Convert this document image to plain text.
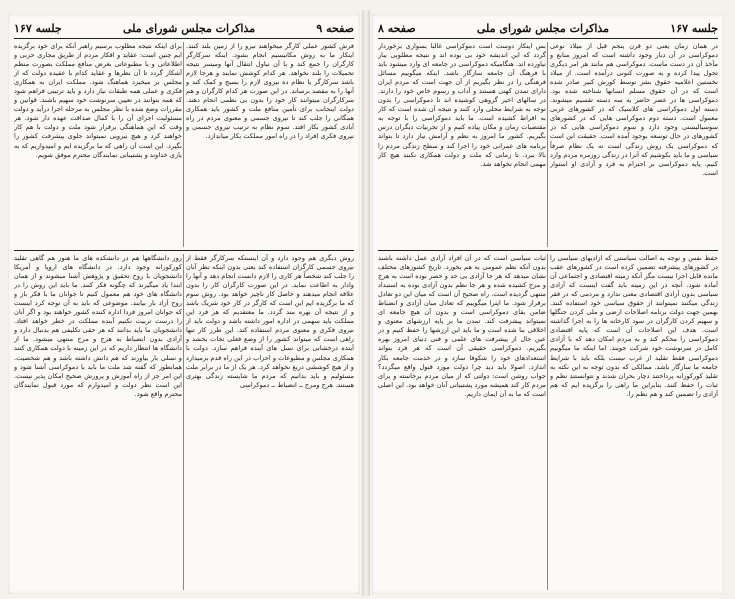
صفحه ۹
مذاکرات مجلس شورای ملی
جلسه ۱۶۷

فرش کشور عملی کارگر میخواهند نیرو را از زمین بلند کنند. اینکار ما به روش مکانیسیم انجام بشود. اینکه سرکارگر کارگران را جمع کند و با آن نیاول انتقال آنها ومیسر نتیجه تحمیلات را بلند نخواهد. هر کدام کوشش نمایند و هرجا لازم باشد سرکارگر یا نظام ده نیروی لازم را بسیج و کمک کند و آنها را به مقصد برساند. در این صورت هر کدام کارگران و هم سرکارگران میتوانند کار خود را بدون بی نظمی انجام دهند. دولت اینجانب برای تأمین منافع ملت و کشور باید همکاری همگانی را جلب کند تا نیروی جسمی و معنوی مردم در راه آبادی کشور بکار افتد. سوم نظام به ترتیب نیروی جسمی و نیروی فکری افراد را در راه امور مملکت بکار میاندازد.

برای اینکه نتیجه مطلوب برسیم راهبر آنکه برای خود برگزیده ایم چنین است: عقاید و افکار مردم از طریق مجاری حزبی و اطلاعاتی و با مطبوعاتی بغرض منافع مملکت بصورت منظم آشکار گردد تا آن نظرها و عقاید کدام با عقیده دولت که از مجلس بر میخیزد هماهنگ شود. مملکت ایران به همکاری فکری و عملی همه طبقات نیاز دارد و باید ترتیبی فراهم شود که همه بتوانند در تعیین سرنوشت خود سهیم باشند. قوانین و مقررات وضع شده با نظر مجلس به مرحله اجرا درآید و دولت مسئولیت اجرای آن را با کمال صداقت عهده دار شود. هر وقت که این هماهنگی برقرار شود ملت و دولت با هم کار خواهند کرد و هیچ نیرویی نمیتواند جلوی پیشرفت کشور را بگیرد. این است آن راهی که ما برگزیده ایم و امیدواریم که به یاری خداوند و پشتیبانی نمایندگان محترم موفق شویم.

روش دیگری هم وجود دارد و آن اینستکه سرکارگر فقط از نیروی جسمی کارگران استفاده کند یعنی بدون اینکه نظر آنان را جلب کند شخصاً هر کاری را لازم دانست انجام دهد و آنها را وادار به اطاعت نماید. در این صورت کارگران کار را بدون علاقه انجام میدهند و حاصل کار ناچیز خواهد بود. روش سوم که ما برگزیده ایم این است که کارگر در کار خود شریک باشد و از نتیجه آن بهره مند گردد. ما معتقدیم که هر فرد این مملکت باید سهمی در اداره امور داشته باشد و دولت باید از نیروی فکری و معنوی مردم استفاده کند. این طرز کار تنها راهی است که میتواند کشور را از وضع فعلی نجات بخشد و آینده درخشانی برای نسل های آینده فراهم سازد. دولت با همکاری مجلس و مطبوعات و احزاب در این راه قدم برمیدارد و از هیچ کوششی دریغ نخواهد کرد. هر یک از ما در برابر ملت مسئولیم و باید بدانیم که مردم ما شایسته زندگی بهتری هستند. هرج ومرج ــ انضباط ــ دموکراسی

روز دانشگاهها هم در دانشکده های ما هنوز هم گاهی تقلید کورکورانه وجود دارد. در دانشگاه های اروپا و آمریکا دانشجویان با روح تحقیق و پژوهش آشنا میشوند و از همان ابتدا یاد میگیرند که چگونه فکر کنند. ما باید این روش را در دانشگاه های خود هم معمول کنیم تا جوانان ما با فکر باز و روح آزاد بار بیایند. موضوعی که باید به آن توجه کرد اینست که جوانان امروز فردا اداره کننده کشور خواهند بود و اگر آنان را درست تربیت نکنیم آینده مملکت در خطر خواهد افتاد. دانشجویان ما باید بدانند که هر حقی تکلیفی هم بدنبال دارد و آزادی بدون انضباط به هرج و مرج منتهی میشود. ما از دانشگاه ها انتظار داریم که در این زمینه با دولت همکاری کنند و نسلی بار بیاورند که هم دانش داشته باشد و هم شخصیت. همانطور که گفته شد ملت ما باید با دموکراسی آشنا شود و این امر جز از راه آموزش و پرورش صحیح امکان پذیر نیست. این است نظر دولت و امیدوارم که مورد قبول نمایندگان محترم واقع شود.

جلسه ۱۶۷
مذاکرات مجلس شورای ملی
صفحه ۸

در همان زمان یعنی دو قرن پنجم قبل از میلاد نوعی دموکراسی در آن دیار وجود داشته است که امروز منابع و مآخذ آن در دست ماست. دموکراسی هم مانند هر امر دیگری تحول پیدا کرده و به صورت کنونی درآمده است. از میلاد نخستین اعلامیه حقوق بشر توسط کورش کبیر صادر شده است که در آن حقوق مسلم انسانها شناخته شده بود. دموکراسی ها در عصر حاضر به سه دسته تقسیم میشوند. دسته اول دموکراسی های کلاسیک که در کشورهای غربی معمول است. دسته دوم دموکراسی هایی که در کشورهای سوسیالیستی وجود دارد و سوم دموکراسی هایی که در کشورهای در حال توسعه بوجود آمده است. حقیقت این است که دموکراسی یک روش زندگی است نه یک نظام صرفاً سیاسی و ما باید بکوشیم که آنرا در زندگی روزمره مردم وارد کنیم. پایه دموکراسی بر احترام به فرد و آزادی او استوار است.

بس اینکار دوست است دموکراسی غالبا بسواری برخوردار گردد که این اندیشه خود بی بوده اند و نتیجه مطلوبی ببار نیاورده اند. هنگامیکه دموکراسی در جامعه ای وارد میشود باید با فرهنگ آن جامعه سازگار باشد. اینکه میگوییم مسائل فرهنگی را در نظر بگیریم از آن جهت است که مردم ایران دارای تمدن کهنی هستند و آداب و رسوم خاص خود را دارند. در سالهای اخیر گروهی کوشیده اند تا دموکراسی را بدون توجه به شرایط محلی وارد کنند و نتیجه آن شده است که کار به افراط کشیده است. ما باید دموکراسی را با توجه به مقتضیات زمان و مکان پیاده کنیم و از تجربیات دیگران درس بگیریم. کشور ما امروز به نظم و آرامش نیاز دارد تا بتواند برنامه های عمرانی خود را اجرا کند و سطح زندگی مردم را بالا ببرد. تا زمانی که ملت و دولت همکاری نکنند هیچ کار مهمی انجام نخواهد شد.

حفظ نفس و توجه به اصالت سیاستی که ازادیهای سیاسی را در کشورهای پیشرفته تضمین کرده است در کشورهای عقب مانده قابل اجرا نیست مگر آنکه زمینه اقتصادی و اجتماعی آن آماده شود. آنچه در این زمینه باید گفت اینست که آزادی سیاسی بدون آزادی اقتصادی معنی ندارد و مردمی که در فقر زندگی میکنند نمیتوانند از حقوق سیاسی خود استفاده کنند. بهمین جهت دولت برنامه اصلاحات ارضی و ملی کردن جنگلها و سهیم کردن کارگران در سود کارخانه ها را به اجرا گذاشته است. هدف این اصلاحات آن است که پایه اقتصادی دموکراسی را محکم کند و به مردم امکان دهد که با آزادی کامل در سرنوشت خود شرکت جویند. اما اینکه ما میگوییم دموکراسی فقط تقلید از غرب نیست بلکه باید با شرایط جامعه ما سازگار باشد. ممالکی که بدون توجه به این نکته به تقلید کورکورانه پرداختند دچار بحران شدند و نتوانستند نظم و ثبات را حفظ کنند. بنابراین ما راهی را برگزیده ایم که هم آزادی را تضمین کند و هم نظم را.

ثبات سیاسی است که در آن افراد آزادی عمل داشته باشند بدون آنکه نظم عمومی به هم بخورد. تاریخ کشورهای مختلف نشان میدهد که هر جا آزادی بی حد و حصر بوده است به هرج و مرج کشیده شده و هر جا نظم بدون آزادی بوده به استبداد منتهی گردیده است. راه صحیح آن است که میان این دو تعادل برقرار شود. ما اینرا میگوییم که تعادل میان آزادی و انضباط ضامن بقای دموکراسی است و بدون آن هیچ جامعه ای نمیتواند پیشرفت کند. تمدن ما بر پایه ارزشهای معنوی و اخلاقی بنا شده است و ما باید این ارزشها را حفظ کنیم و در عین حال از پیشرفت های علمی و فنی دنیای امروز بهره بگیریم. دموکراسی حقیقی آن است که هر فرد بتواند استعدادهای خود را شکوفا سازد و در خدمت جامعه بکار اندازد. اصولا باید دید چرا دولت مورد قبول واقع میگردد؟ جواب روشن است: دولتی که از میان مردم برخاسته و برای مردم کار کند همیشه مورد پشتیبانی آنان خواهد بود. این اصلی است که ما به آن ایمان داریم.
